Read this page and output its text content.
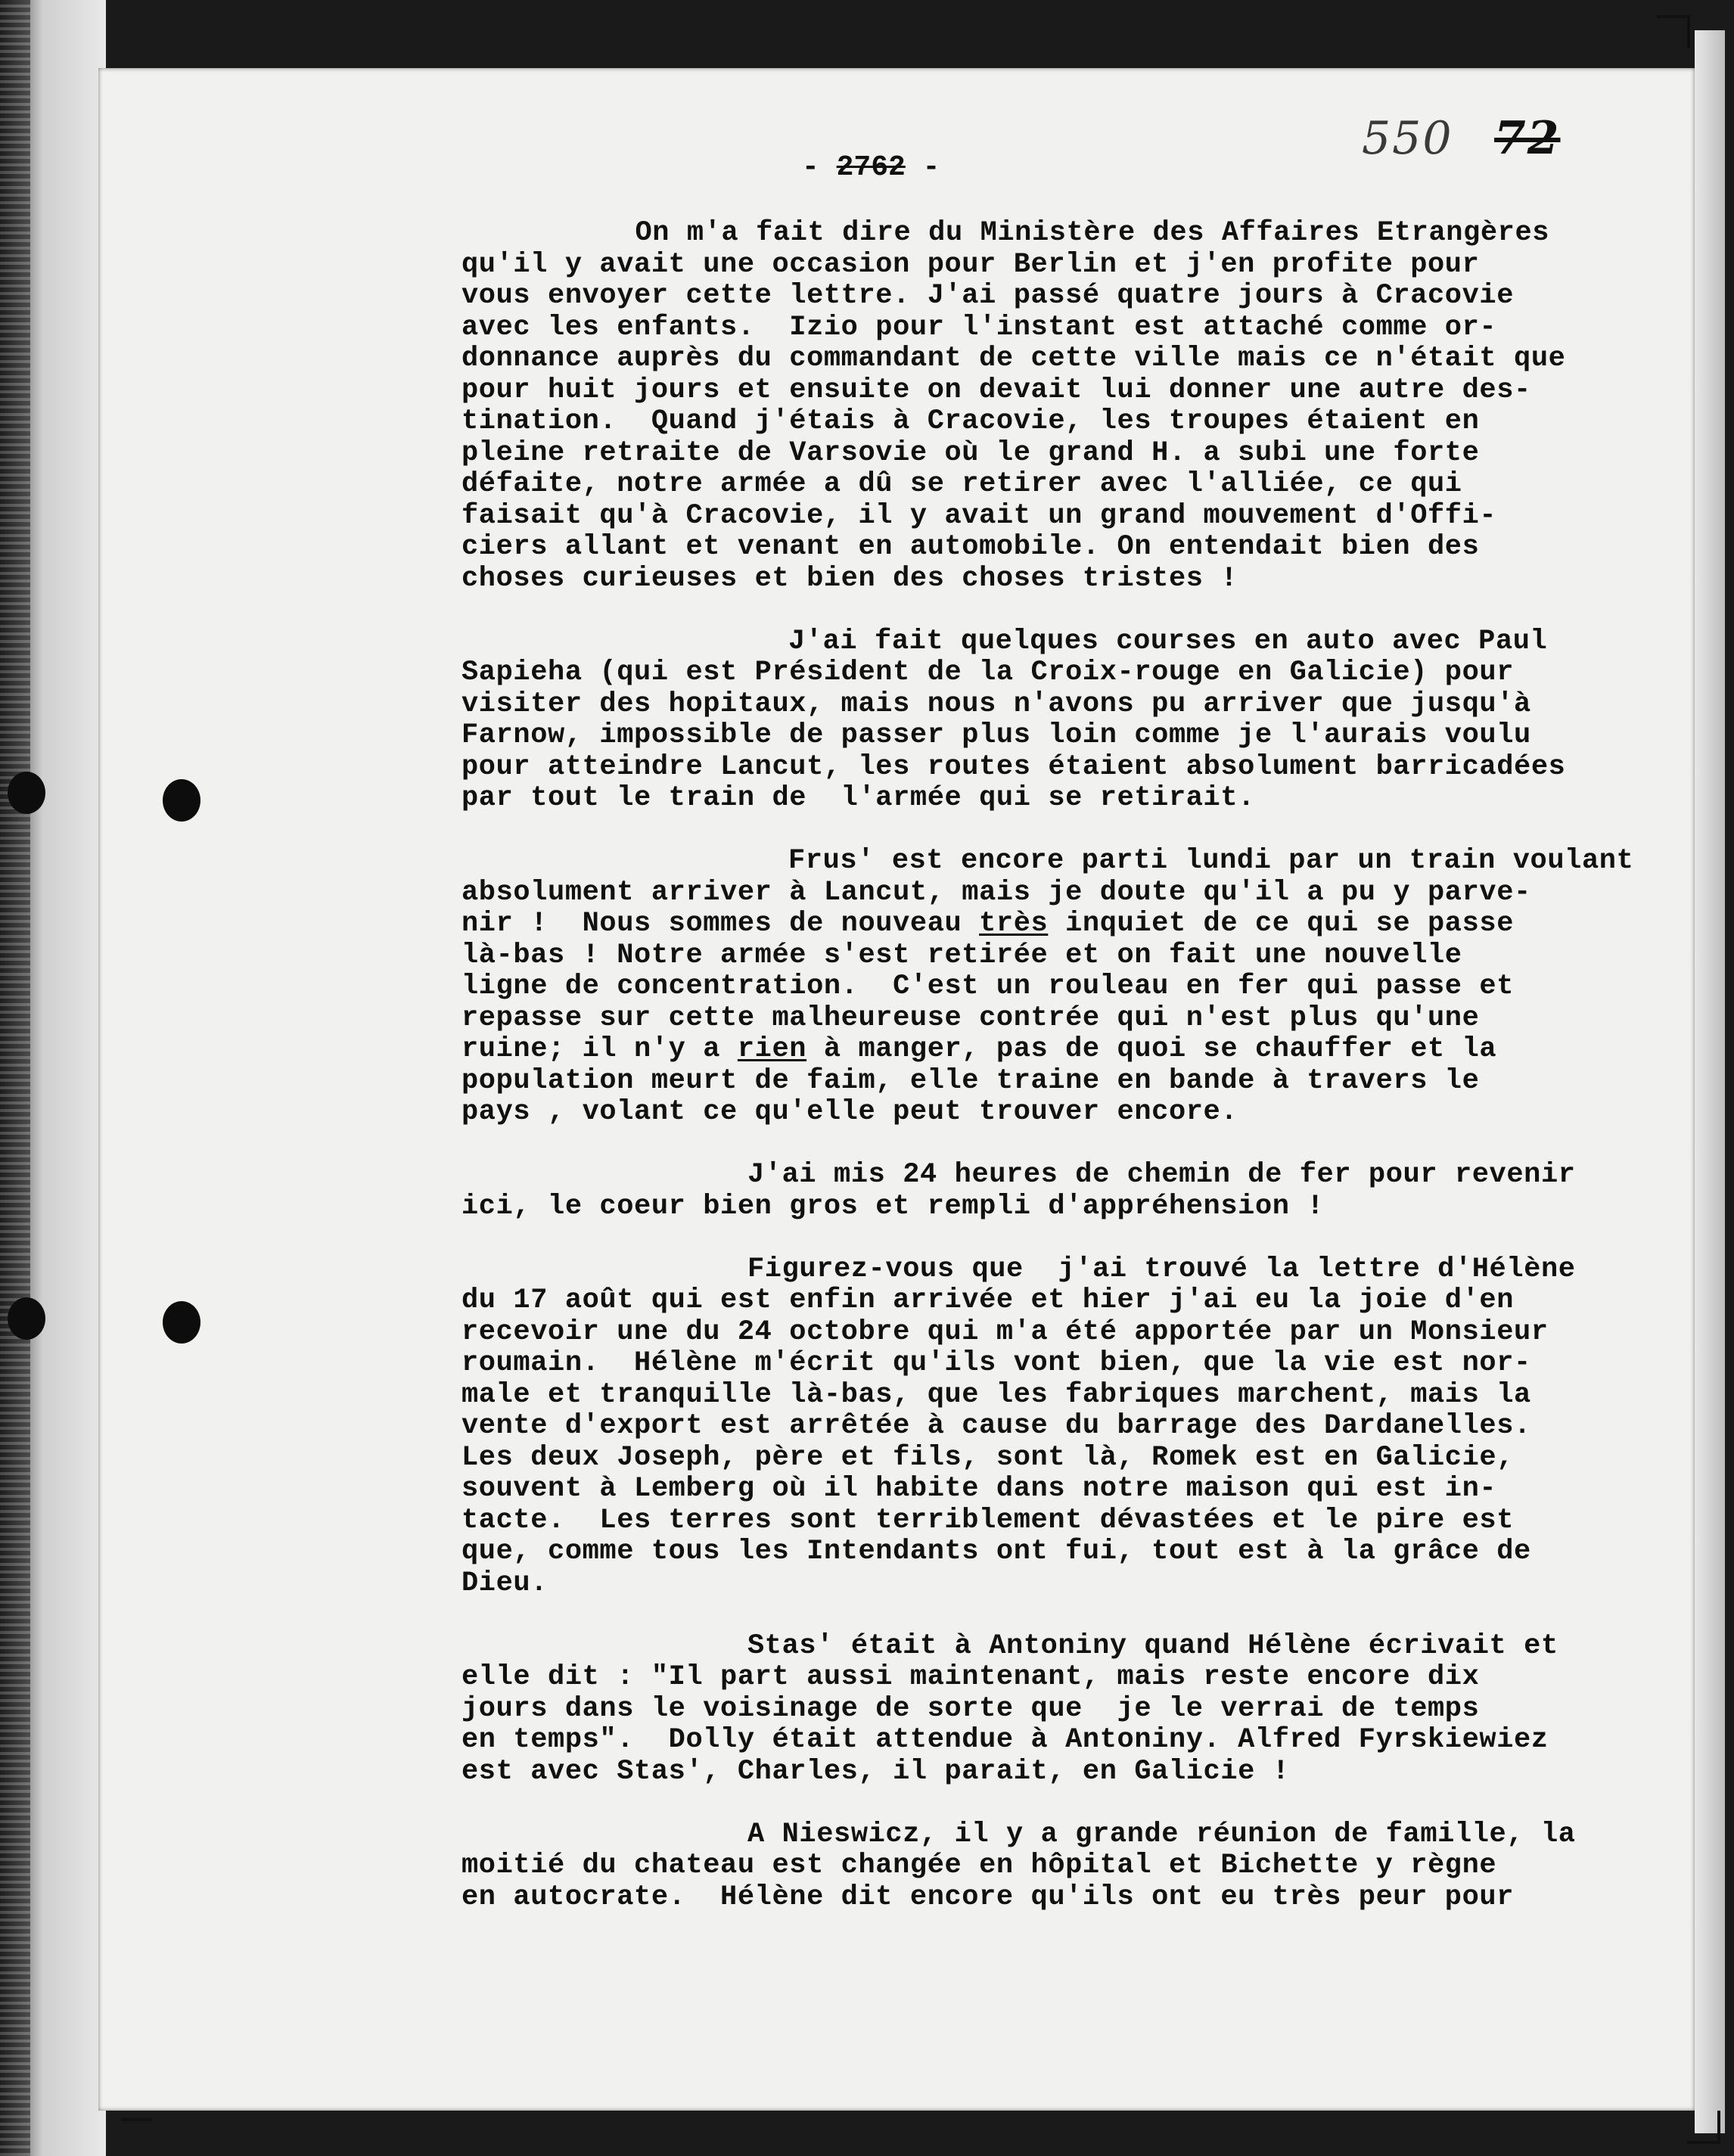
550 72
- 2762 -
On m'a fait dire du Ministère des Affaires Etrangères
qu'il y avait une occasion pour Berlin et j'en profite pour
vous envoyer cette lettre. J'ai passé quatre jours à Cracovie
avec les enfants.  Izio pour l'instant est attaché comme or-
donnance auprès du commandant de cette ville mais ce n'était que
pour huit jours et ensuite on devait lui donner une autre des-
tination.  Quand j'étais à Cracovie, les troupes étaient en
pleine retraite de Varsovie où le grand H. a subi une forte
défaite, notre armée a dû se retirer avec l'alliée, ce qui
faisait qu'à Cracovie, il y avait un grand mouvement d'Offi-
ciers allant et venant en automobile. On entendait bien des
choses curieuses et bien des choses tristes !
J'ai fait quelques courses en auto avec Paul
Sapieha (qui est Président de la Croix-rouge en Galicie) pour
visiter des hopitaux, mais nous n'avons pu arriver que jusqu'à
Farnow, impossible de passer plus loin comme je l'aurais voulu
pour atteindre Lancut, les routes étaient absolument barricadées
par tout le train de  l'armée qui se retirait.
Frus' est encore parti lundi par un train voulant
absolument arriver à Lancut, mais je doute qu'il a pu y parve-
nir !  Nous sommes de nouveau très inquiet de ce qui se passe
là-bas ! Notre armée s'est retirée et on fait une nouvelle
ligne de concentration.  C'est un rouleau en fer qui passe et
repasse sur cette malheureuse contrée qui n'est plus qu'une
ruine; il n'y a rien à manger, pas de quoi se chauffer et la
population meurt de faim, elle traine en bande à travers le
pays , volant ce qu'elle peut trouver encore.
J'ai mis 24 heures de chemin de fer pour revenir
ici, le coeur bien gros et rempli d'appréhension !
Figurez-vous que  j'ai trouvé la lettre d'Hélène
du 17 août qui est enfin arrivée et hier j'ai eu la joie d'en
recevoir une du 24 octobre qui m'a été apportée par un Monsieur
roumain.  Hélène m'écrit qu'ils vont bien, que la vie est nor-
male et tranquille là-bas, que les fabriques marchent, mais la
vente d'export est arrêtée à cause du barrage des Dardanelles.
Les deux Joseph, père et fils, sont là, Romek est en Galicie,
souvent à Lemberg où il habite dans notre maison qui est in-
tacte.  Les terres sont terriblement dévastées et le pire est
que, comme tous les Intendants ont fui, tout est à la grâce de
Dieu.
Stas' était à Antoniny quand Hélène écrivait et
elle dit : "Il part aussi maintenant, mais reste encore dix
jours dans le voisinage de sorte que  je le verrai de temps
en temps".  Dolly était attendue à Antoniny. Alfred Fyrskiewiez
est avec Stas', Charles, il parait, en Galicie !
A Nieswicz, il y a grande réunion de famille, la
moitié du chateau est changée en hôpital et Bichette y règne
en autocrate.  Hélène dit encore qu'ils ont eu très peur pour
